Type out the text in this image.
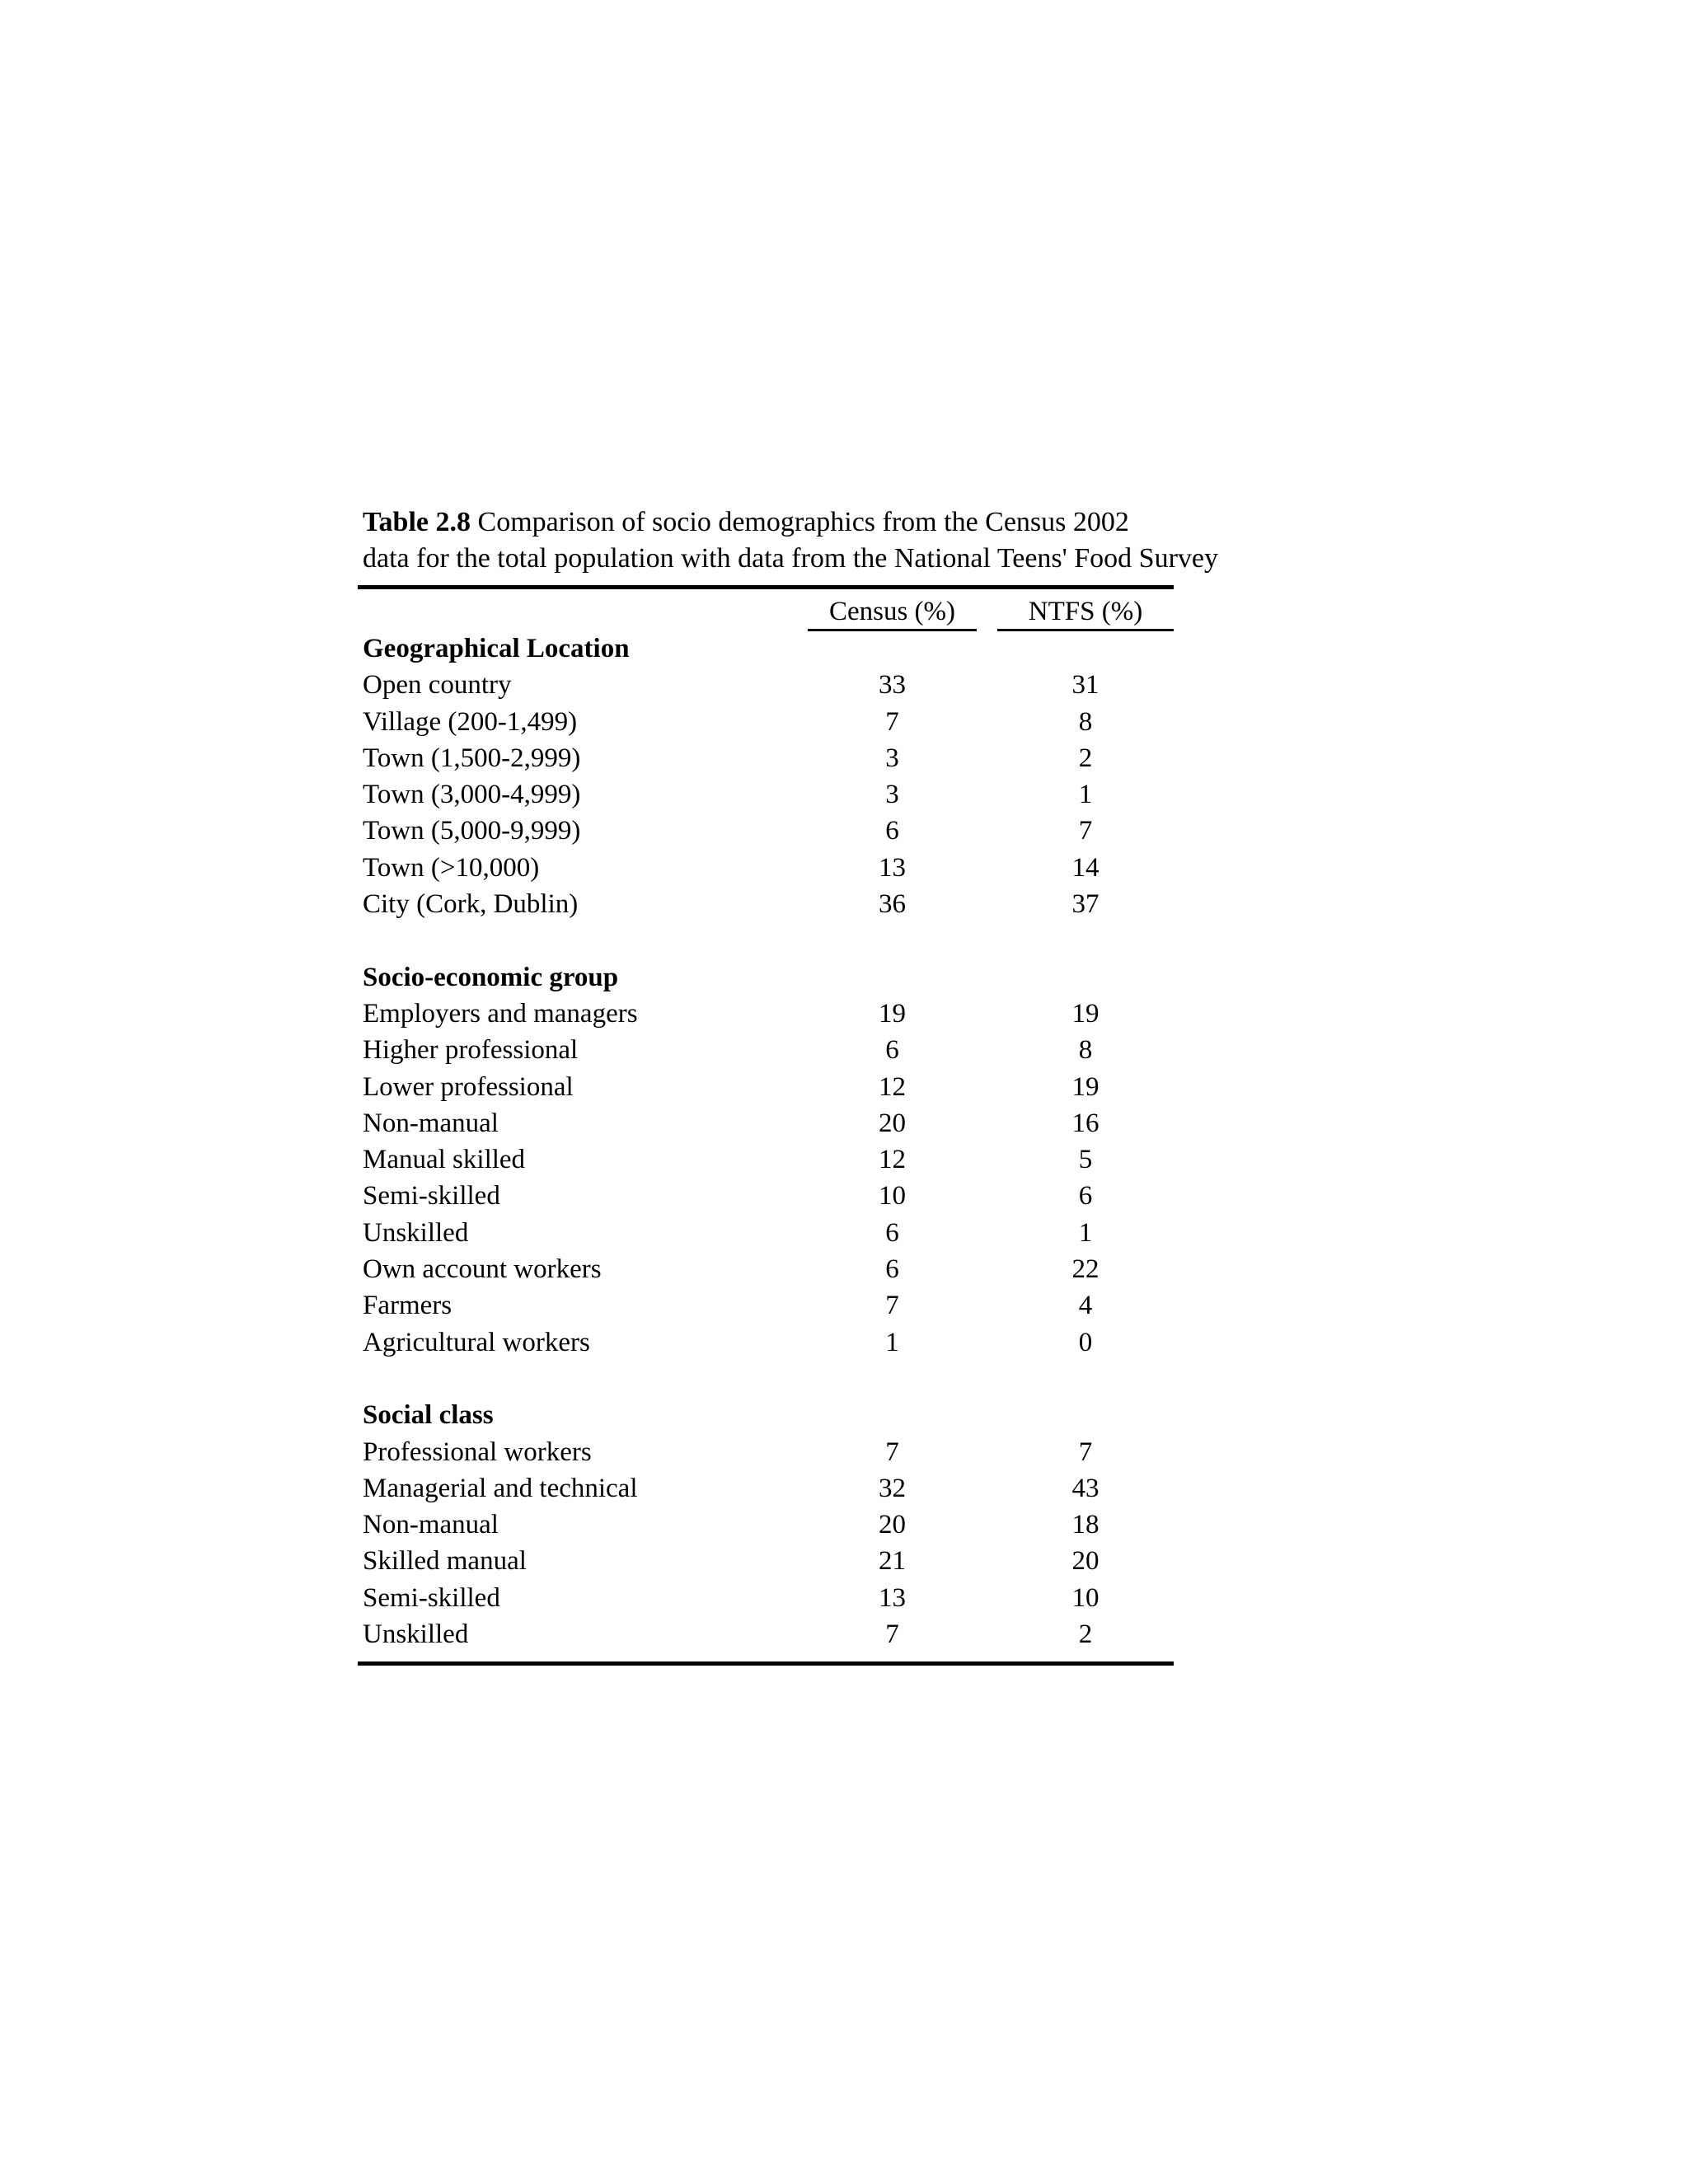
Table 2.8 Comparison of socio demographics from the Census 2002
data for the total population with data from the National Teens' Food Survey
Census (%)	NTFS (%)
Geographical Location
Open country	33	31
Village (200-1,499)	7	8
Town (1,500-2,999)	3	2
Town (3,000-4,999)	3	1
Town (5,000-9,999)	6	7
Town (>10,000)	13	14
City (Cork, Dublin)	36	37
Socio-economic group
Employers and managers	19	19
Higher professional	6	8
Lower professional	12	19
Non-manual	20	16
Manual skilled	12	5
Semi-skilled	10	6
Unskilled	6	1
Own account workers	6	22
Farmers	7	4
Agricultural workers	1	0
Social class
Professional workers	7	7
Managerial and technical	32	43
Non-manual	20	18
Skilled manual	21	20
Semi-skilled	13	10
Unskilled	7	2
